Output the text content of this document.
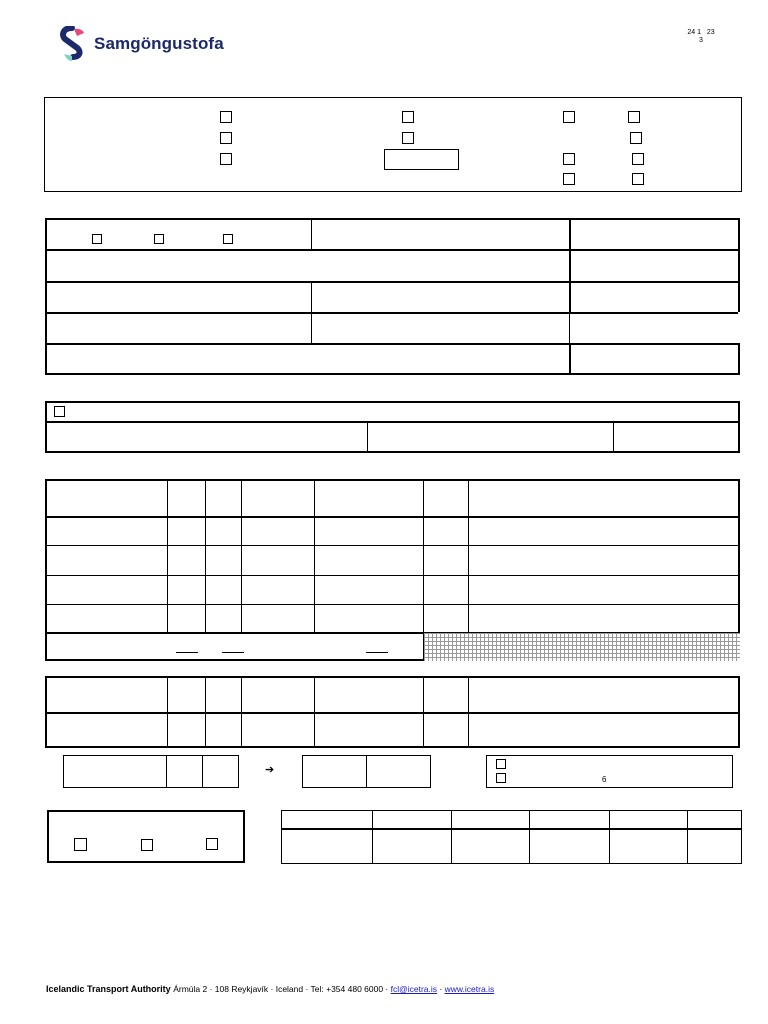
Samgöngustofa
24 1   23
3
➔
6
Icelandic Transport Authority Ármúla 2 · 108 Reykjavík · Iceland · Tel: +354 480 6000 · fcl@icetra.is · www.icetra.is
